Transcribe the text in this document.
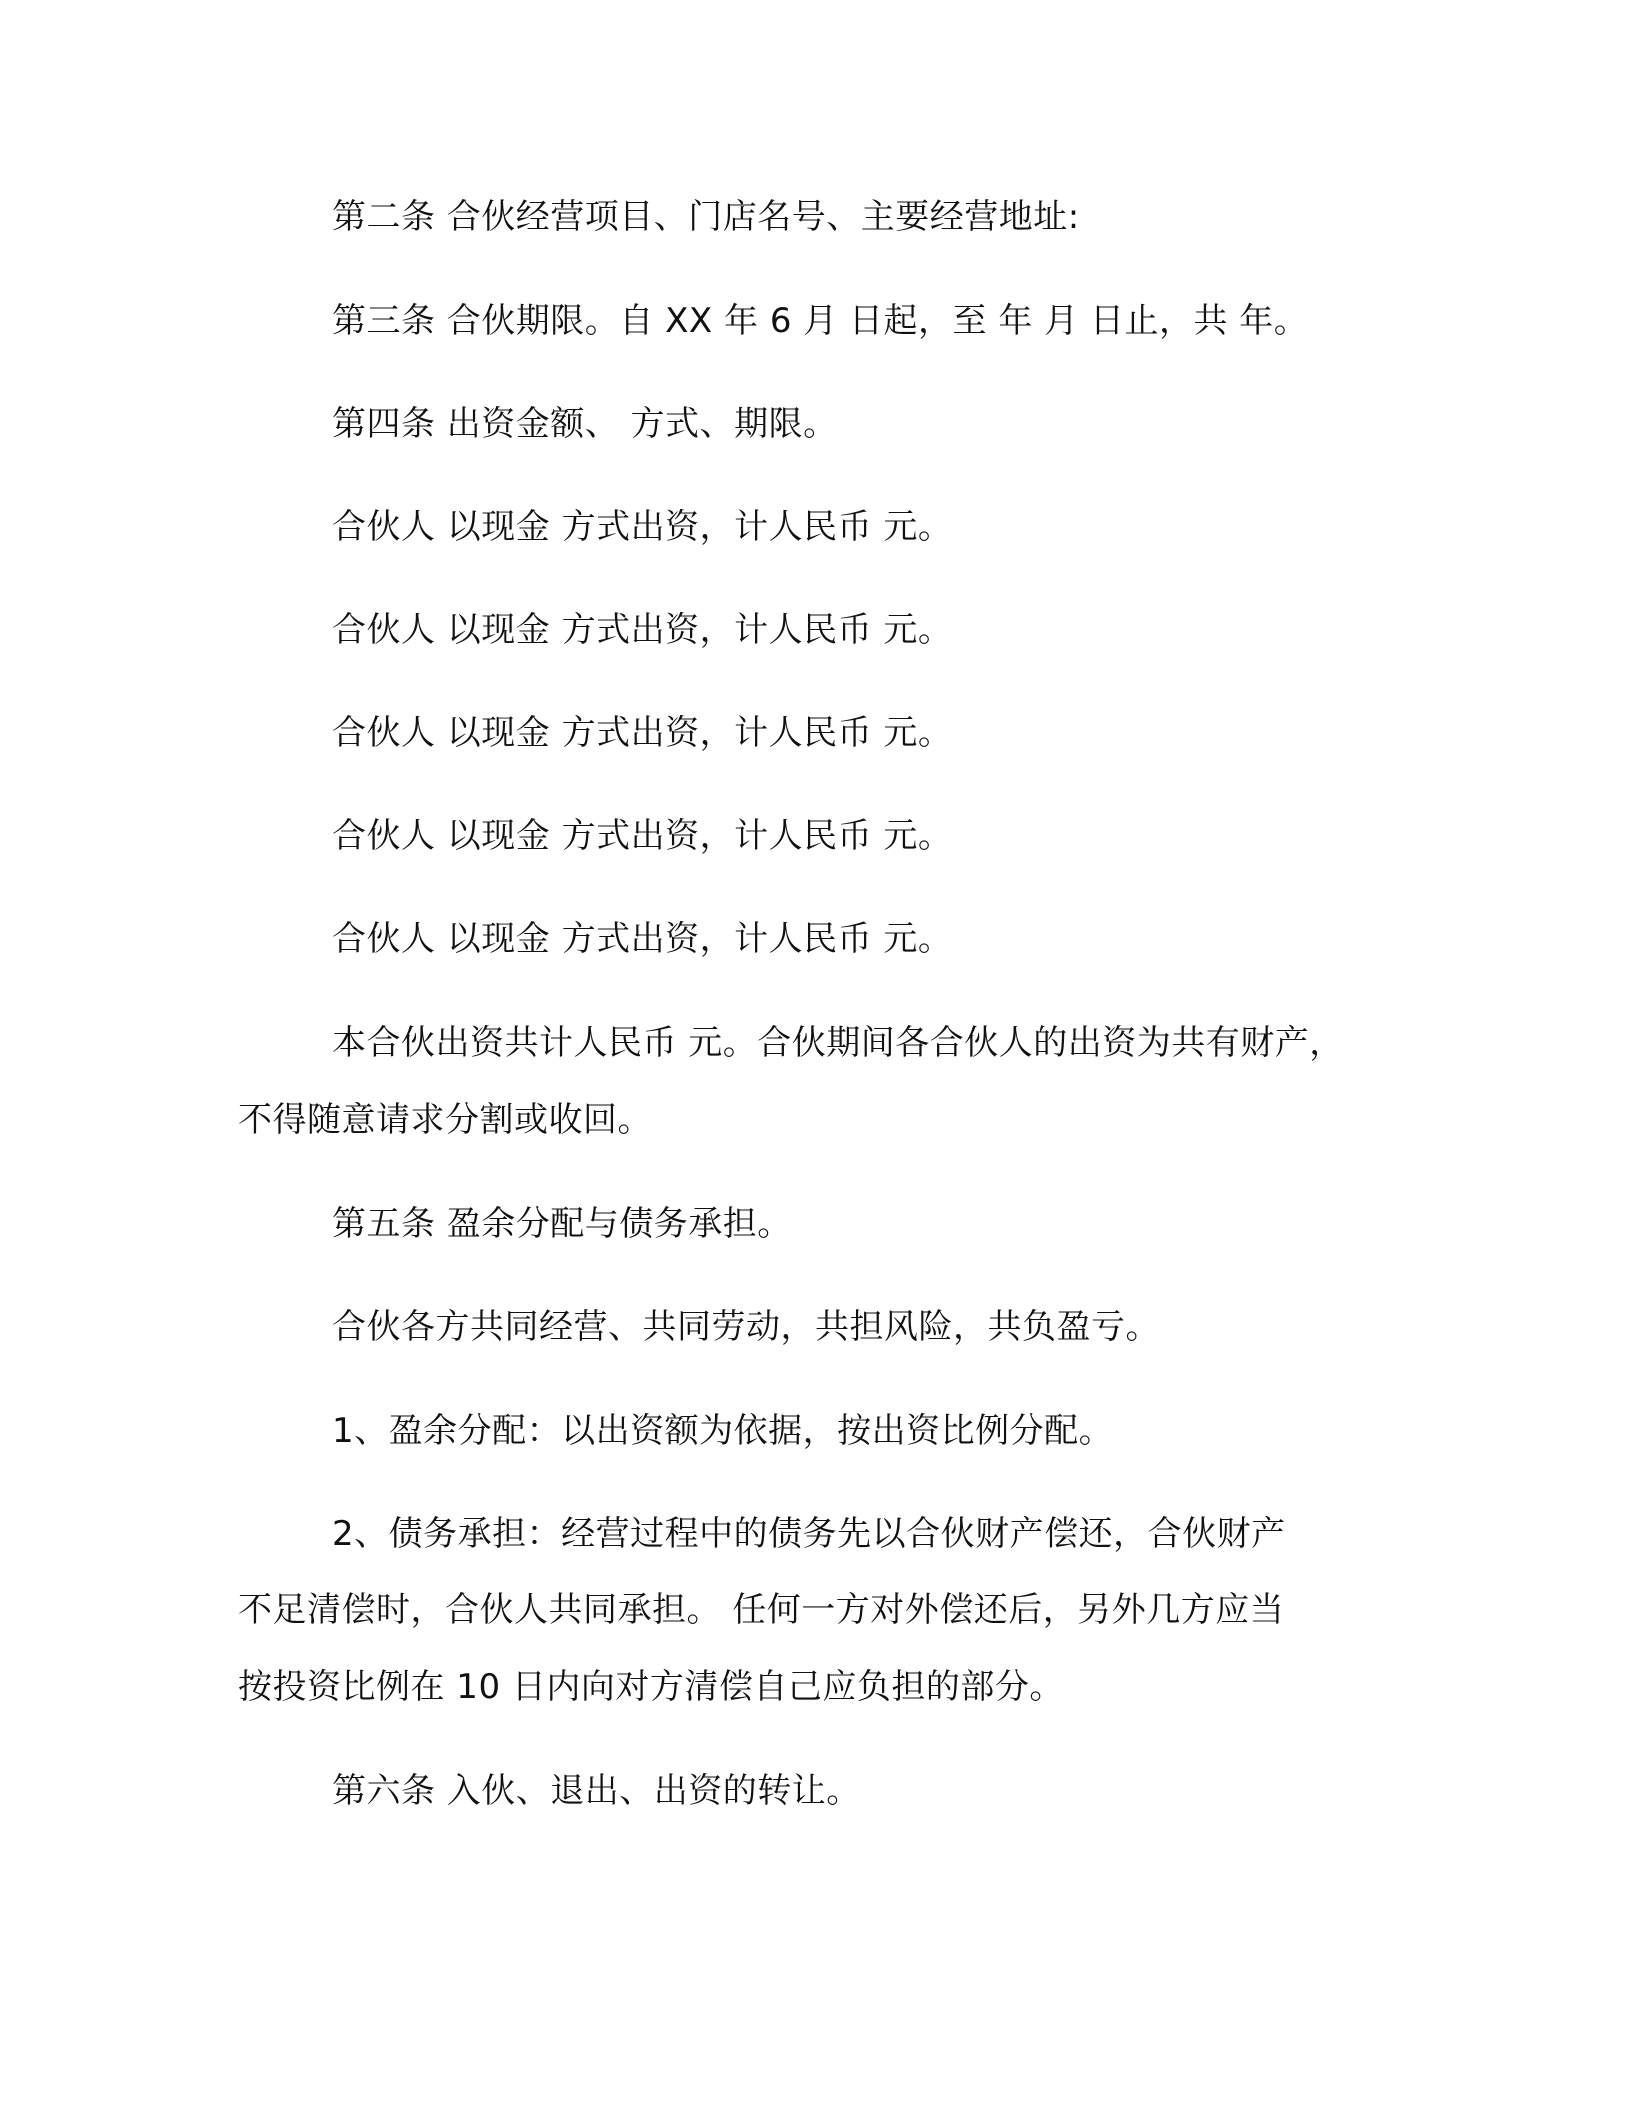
第二条 合伙经营项目、门店名号、主要经营地址:

第三条 合伙期限。自 XX 年 6 月 日起，至 年 月 日止，共 年。

第四条 出资金额、 方式、期限。

合伙人 以现金 方式出资，计人民币 元。

合伙人 以现金 方式出资，计人民币 元。

合伙人 以现金 方式出资，计人民币 元。

合伙人 以现金 方式出资，计人民币 元。

合伙人 以现金 方式出资，计人民币 元。

本合伙出资共计人民币 元。合伙期间各合伙人的出资为共有财产，

不得随意请求分割或收回。

第五条 盈余分配与债务承担。

合伙各方共同经营、共同劳动，共担风险，共负盈亏。

1、盈余分配：以出资额为依据，按出资比例分配。

2、债务承担：经营过程中的债务先以合伙财产偿还，合伙财产

不足清偿时，合伙人共同承担。 任何一方对外偿还后，另外几方应当

按投资比例在 10 日内向对方清偿自己应负担的部分。

第六条 入伙、退出、出资的转让。
